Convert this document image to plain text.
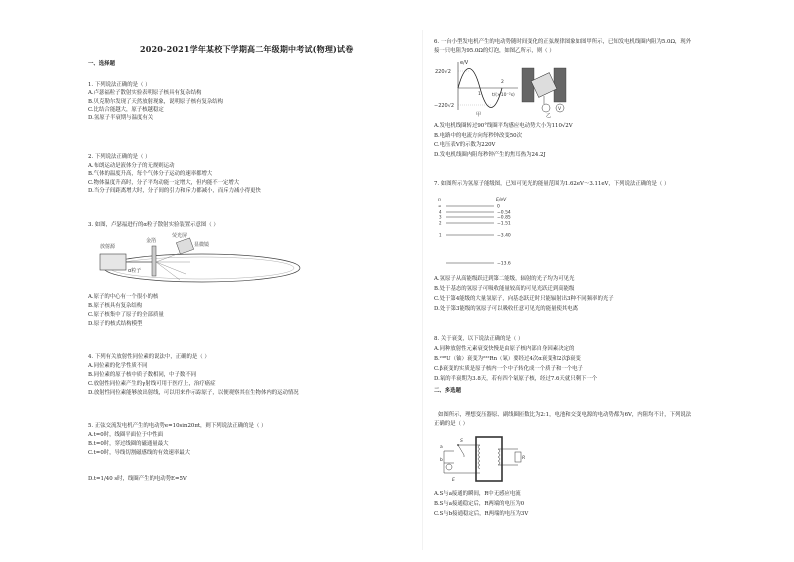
2020-2021学年某校下学期高二年级期中考试(物理)试卷
一、选择题
1. 下列说法正确的是（ ）
A.卢瑟福粒子散射实验表明原子核具有复杂结构
B.贝克勒尔发现了天然放射现象，说明原子核有复杂结构
C.比结合能越大，原子核越稳定
D.氢原子半衰期与温度有关
2. 下列说法正确的是（ ）
A.布朗运动是液体分子的无规则运动
B.气体的温度升高，每个气体分子运动的速率都增大
C.物体温度升高时，分子平均动能一定增大，但内能不一定增大
D.当分子间距离增大时，分子间的引力和斥力都减小，而斥力减小得更快
3. 如图，卢瑟福进行的α粒子散射实验装置示意图（ ）
放射源
金箔
荧光屏
显微镜
α粒子
A.原子的中心有一个很小的核
B.原子核具有复杂结构
C.原子核集中了原子的全部质量
D.原子的核式结构模型
4. 下列有关放射性同位素的说法中，正确的是（ ）
A.同位素的化学性质不同
B.同位素的原子核中质子数相同，中子数不同
C.放射性同位素产生的γ射线可用于医疗上，治疗癌症
D.放射性同位素能够放出射线，可以用来作示踪原子，以便观察其在生物体内的运动情况
5. 正弦交流发电机产生的电动势e=10sin20πt，则下列说法正确的是（ ）
A.t=0时，线圈平面位于中性面
B.t=0时，穿过线圈的磁通量最大
C.t=0时，导线切割磁感线的有效速率最大
D.t=1/40 s时，线圈产生的电动势E=5V
6. 一台小型发电机产生的电动势随时间变化的正弦规律图象如图甲所示，已知发电机线圈内阻为5.0Ω，现外
接一只电阻为95.0Ω的灯泡，如图乙所示，则（ ）
220√2
−220√2
e/V
t/(×10⁻²s)
1
2
甲
V
乙
A.发电机线圈转过90°线圈平均感应电动势大小为110√2V
B.电路中的电流方向每秒钟改变50次
C.电压表V的示数为220V
D.发电机线圈内阻每秒钟产生的焦耳热为24.2J
7. 如图所示为氢原子能级图，已知可见光的能量范围为1.62eV～3.11eV，下列说法正确的是（ ）
n	E/eV
∞
4
3
2
1
0
−0.54
−0.85
−1.51
−3.40
−13.6
A.氢原子从高能级跃迁到第二能级，辐射的光子均为可见光
B.处于基态的氢原子可吸收能量较高的可见光跃迁到高能级
C.处于第4能级的大量氢原子，向基态跃迁时只能辐射出3种不同频率的光子
D.处于第3能级的氢原子可以吸收任意可见光的能量使其电离
8. 关于衰变，以下说法正确的是（ ）
A.同种放射性元素衰变快慢是由原子核内部自身因素决定的
B.²³⁸U（铀）衰变为²²²Rn（氡）要经过4次α衰变和2次β衰变
C.β衰变的实质是原子核内一个中子转化成一个质子和一个电子
D.氡的半衰期为3.8天，若有四个氡原子核，经过7.6天就只剩下一个
二、多选题
如图所示，理想变压器原、副线圈匝数比为2:1，电池和交变电源的电动势都为6V，内阻均不计，下列说法
正确的是（ ）
S
a
b
E
R
A.S与a接通的瞬间，R中无感应电流
B.S与a接通稳定后，R两端的电压为0
C.S与b接通稳定后，R两端的电压为3V
